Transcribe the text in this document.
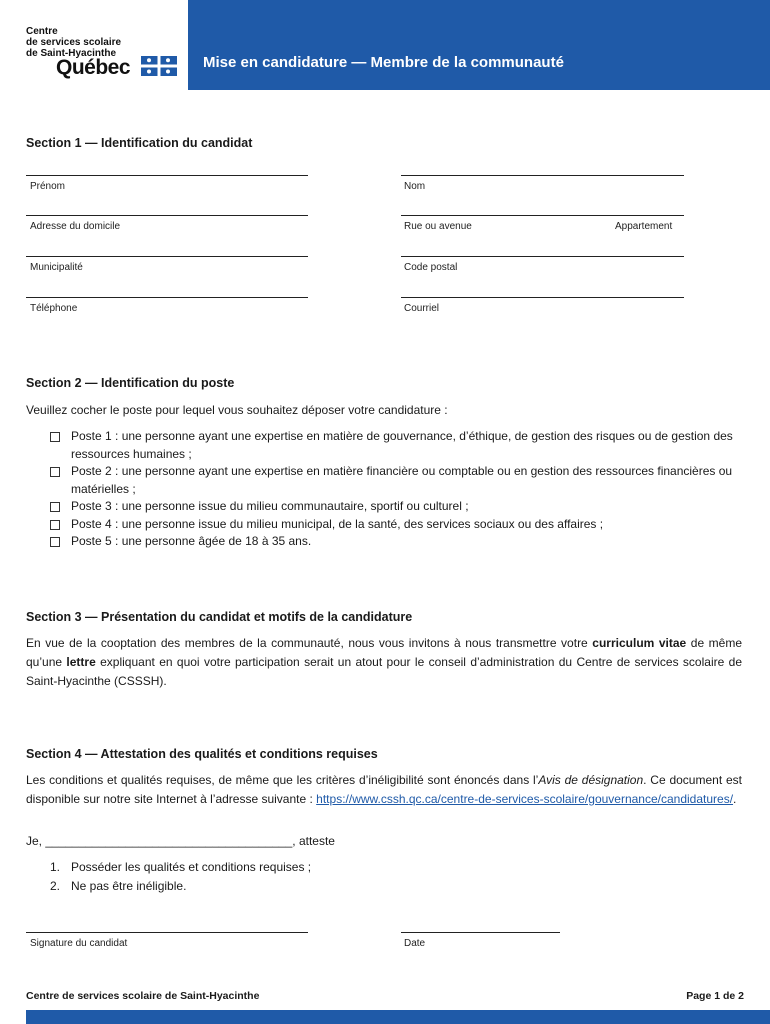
Centre
de services scolaire
de Saint-Hyacinthe
Québec	Mise en candidature — Membre de la communauté
Section 1 — Identification du candidat
Prénom	Nom
Adresse du domicile	Rue ou avenue	Appartement
Municipalité	Code postal
Téléphone	Courriel
Section 2 — Identification du poste
Veuillez cocher le poste pour lequel vous souhaitez déposer votre candidature :
Poste 1 : une personne ayant une expertise en matière de gouvernance, d’éthique, de gestion des risques ou de gestion des ressources humaines ;
Poste 2 : une personne ayant une expertise en matière financière ou comptable ou en gestion des ressources financières ou matérielles ;
Poste 3 : une personne issue du milieu communautaire, sportif ou culturel ;
Poste 4 : une personne issue du milieu municipal, de la santé, des services sociaux ou des affaires ;
Poste 5 : une personne âgée de 18 à 35 ans.
Section 3 — Présentation du candidat et motifs de la candidature
En vue de la cooptation des membres de la communauté, nous vous invitons à nous transmettre votre curriculum vitae de même qu’une lettre expliquant en quoi votre participation serait un atout pour le conseil d’administration du Centre de services scolaire de Saint-Hyacinthe (CSSSH).
Section 4 — Attestation des qualités et conditions requises
Les conditions et qualités requises, de même que les critères d’inéligibilité sont énoncés dans l’Avis de désignation. Ce document est disponible sur notre site Internet à l’adresse suivante : https://www.cssh.qc.ca/centre-de-services-scolaire/gouvernance/candidatures/.
Je, _____________________________________, atteste
1. Posséder les qualités et conditions requises ;
2. Ne pas être inéligible.
Signature du candidat	Date
Centre de services scolaire de Saint-Hyacinthe	Page 1 de 2
